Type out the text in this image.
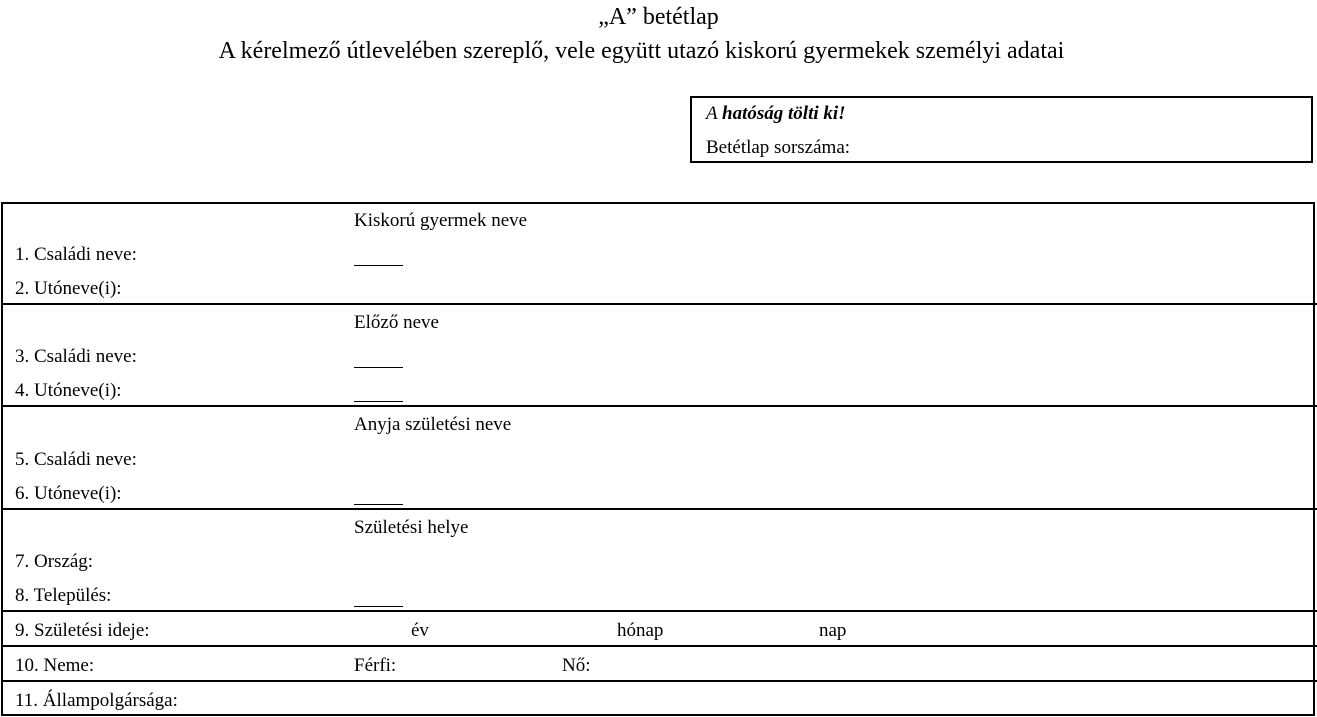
„A” betétlap
A kérelmező útlevelében szereplő, vele együtt utazó kiskorú gyermekek személyi adatai
A hatóság tölti ki!
Betétlap sorszáma:
Kiskorú gyermek neve
1. Családi neve:
2. Utóneve(i):
Előző neve
3. Családi neve:
4. Utóneve(i):
Anyja születési neve
5. Családi neve:
6. Utóneve(i):
Születési helye
7. Ország:
8. Település:
9. Születési ideje:	év	hónap	nap
10. Neme:	Férfi:	Nő:
11. Állampolgársága:
